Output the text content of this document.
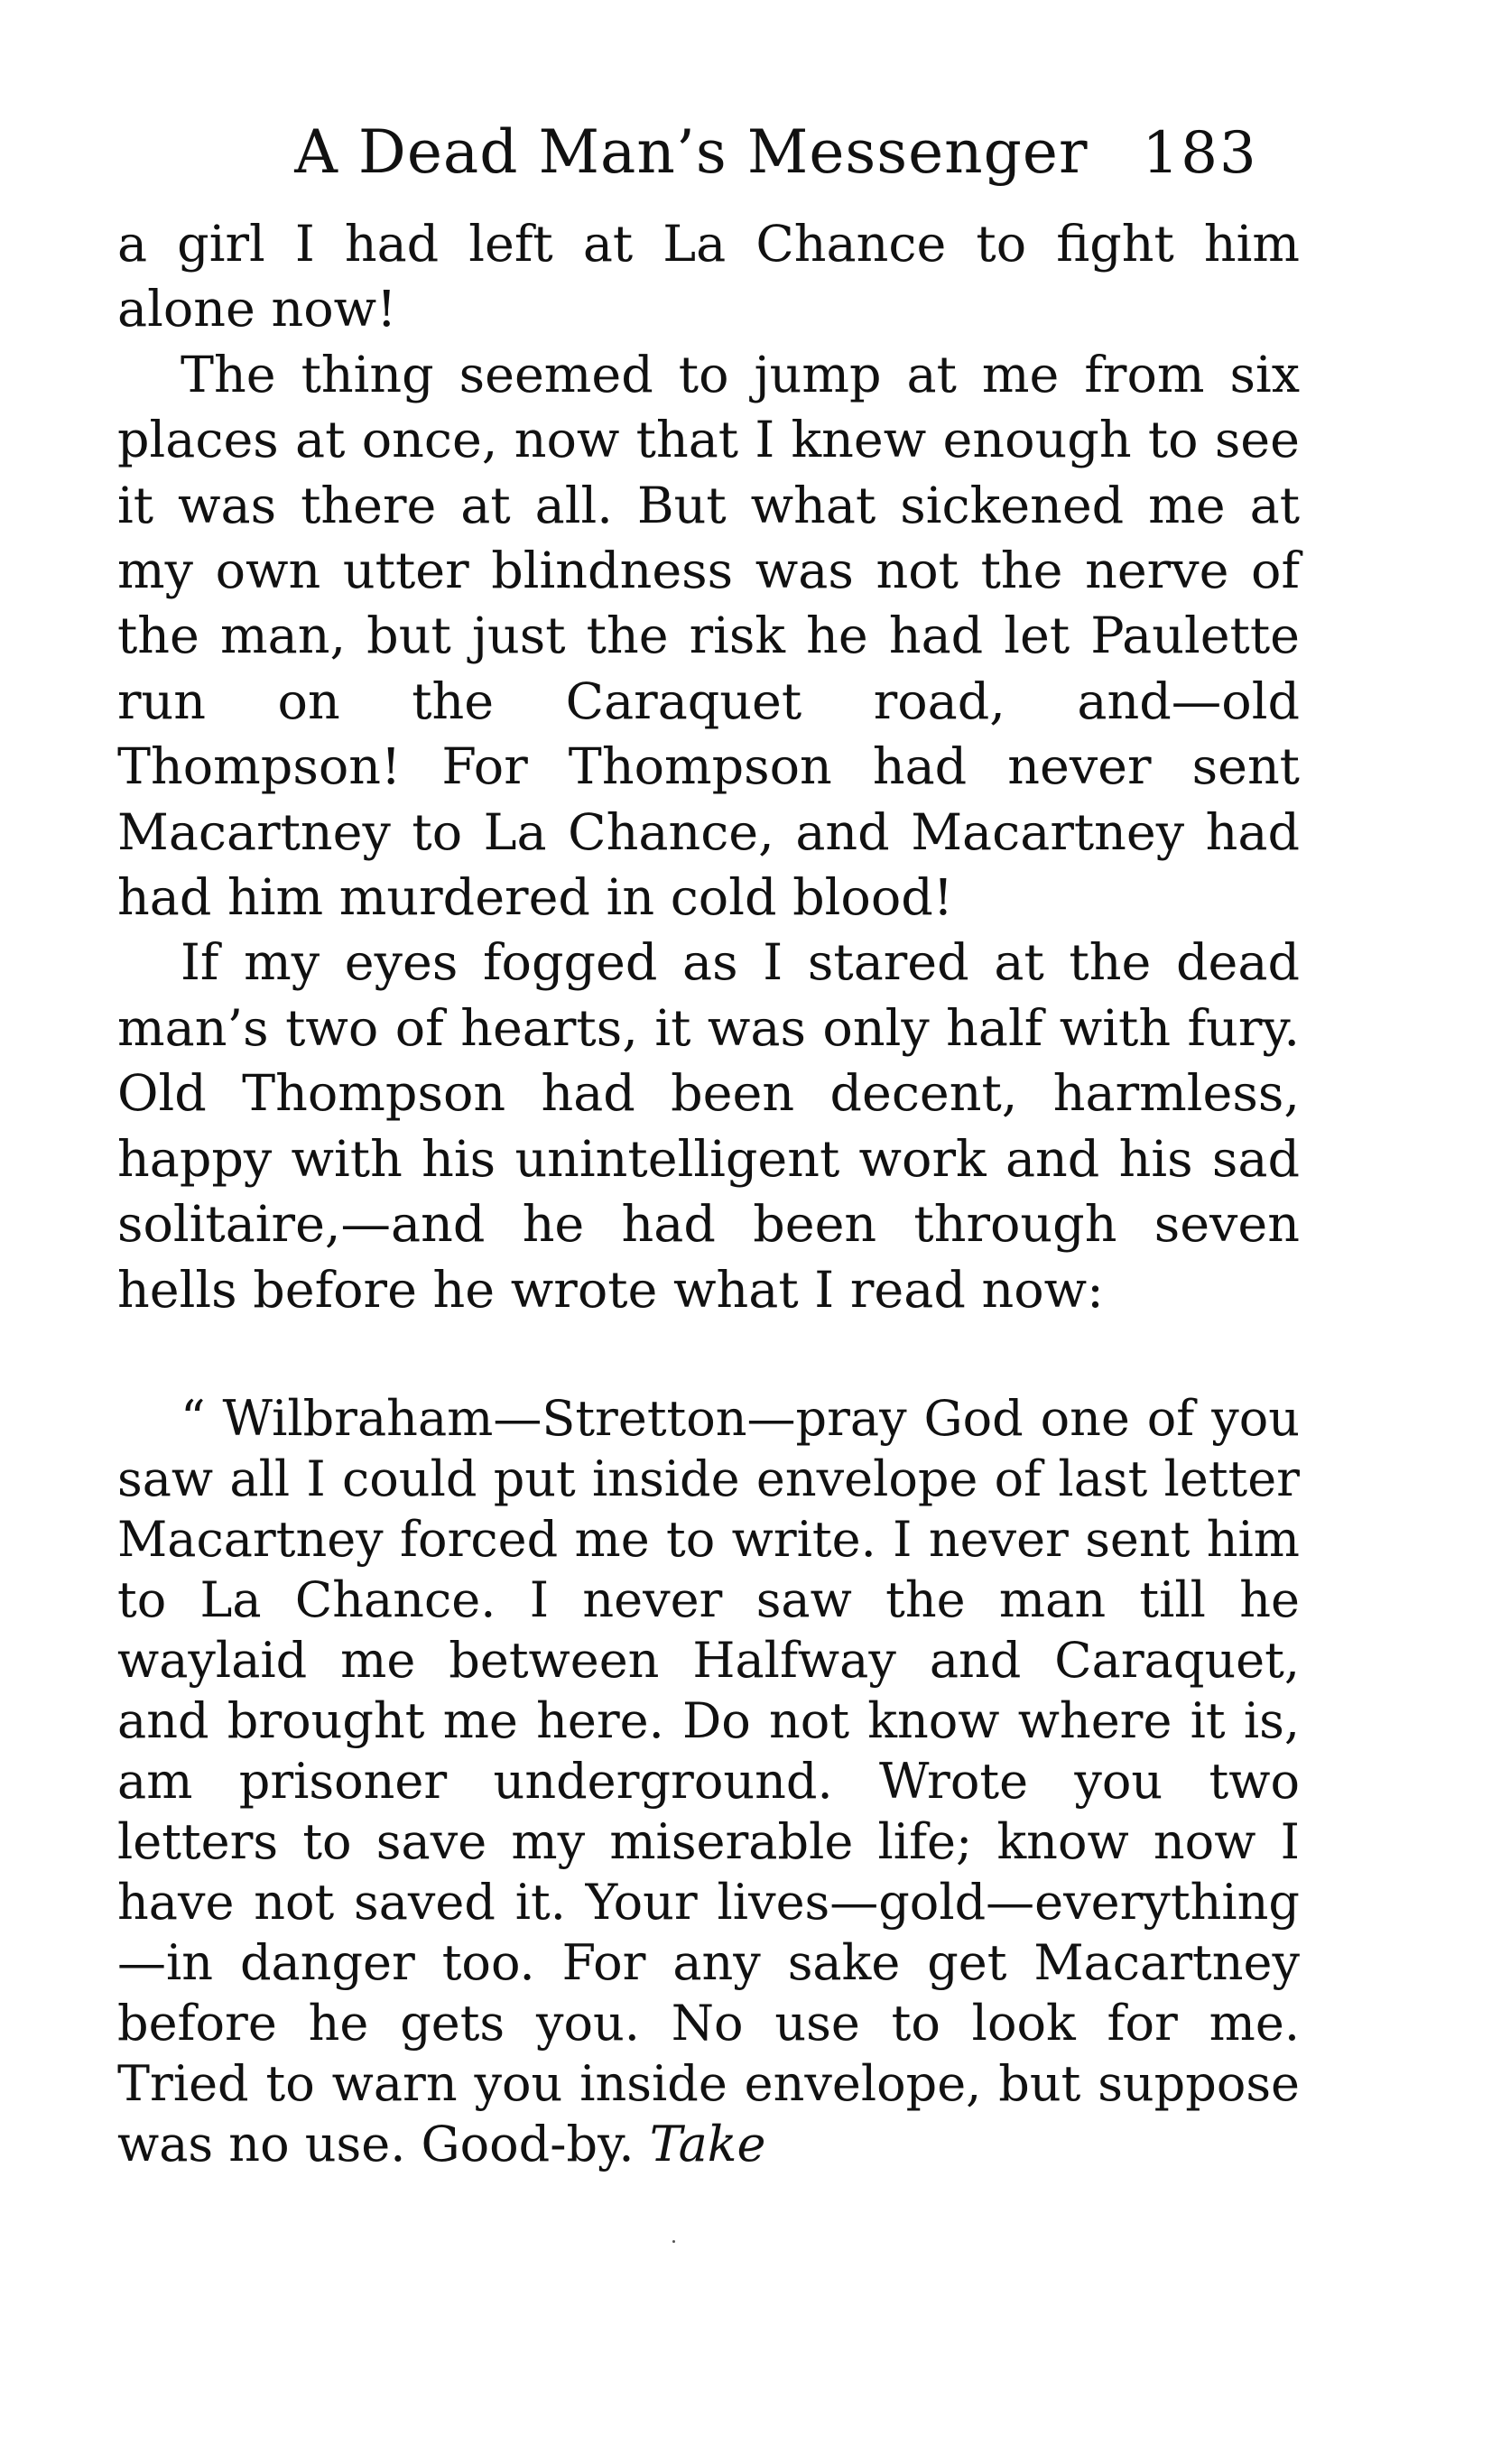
A Dead Man’s Messenger 183

a girl I had left at La Chance to fight him alone now!

The thing seemed to jump at me from six places at once, now that I knew enough to see it was there at all. But what sickened me at my own utter blindness was not the nerve of the man, but just the risk he had let Paulette run on the Caraquet road, and—old Thompson! For Thompson had never sent Macartney to La Chance, and Macartney had had him murdered in cold blood!

If my eyes fogged as I stared at the dead man’s two of hearts, it was only half with fury. Old Thompson had been decent, harmless, happy with his unintelligent work and his sad solitaire,—and he had been through seven hells before he wrote what I read now:

“ Wilbraham—Stretton—pray God one of you saw all I could put inside envelope of last letter Macartney forced me to write. I never sent him to La Chance. I never saw the man till he waylaid me between Halfway and Caraquet, and brought me here. Do not know where it is, am prisoner underground. Wrote you two letters to save my miserable life; know now I have not saved it. Your lives—gold—everything—in danger too. For any sake get Macartney before he gets you. No use to look for me. Tried to warn you inside envelope, but suppose was no use. Good-by. Take
